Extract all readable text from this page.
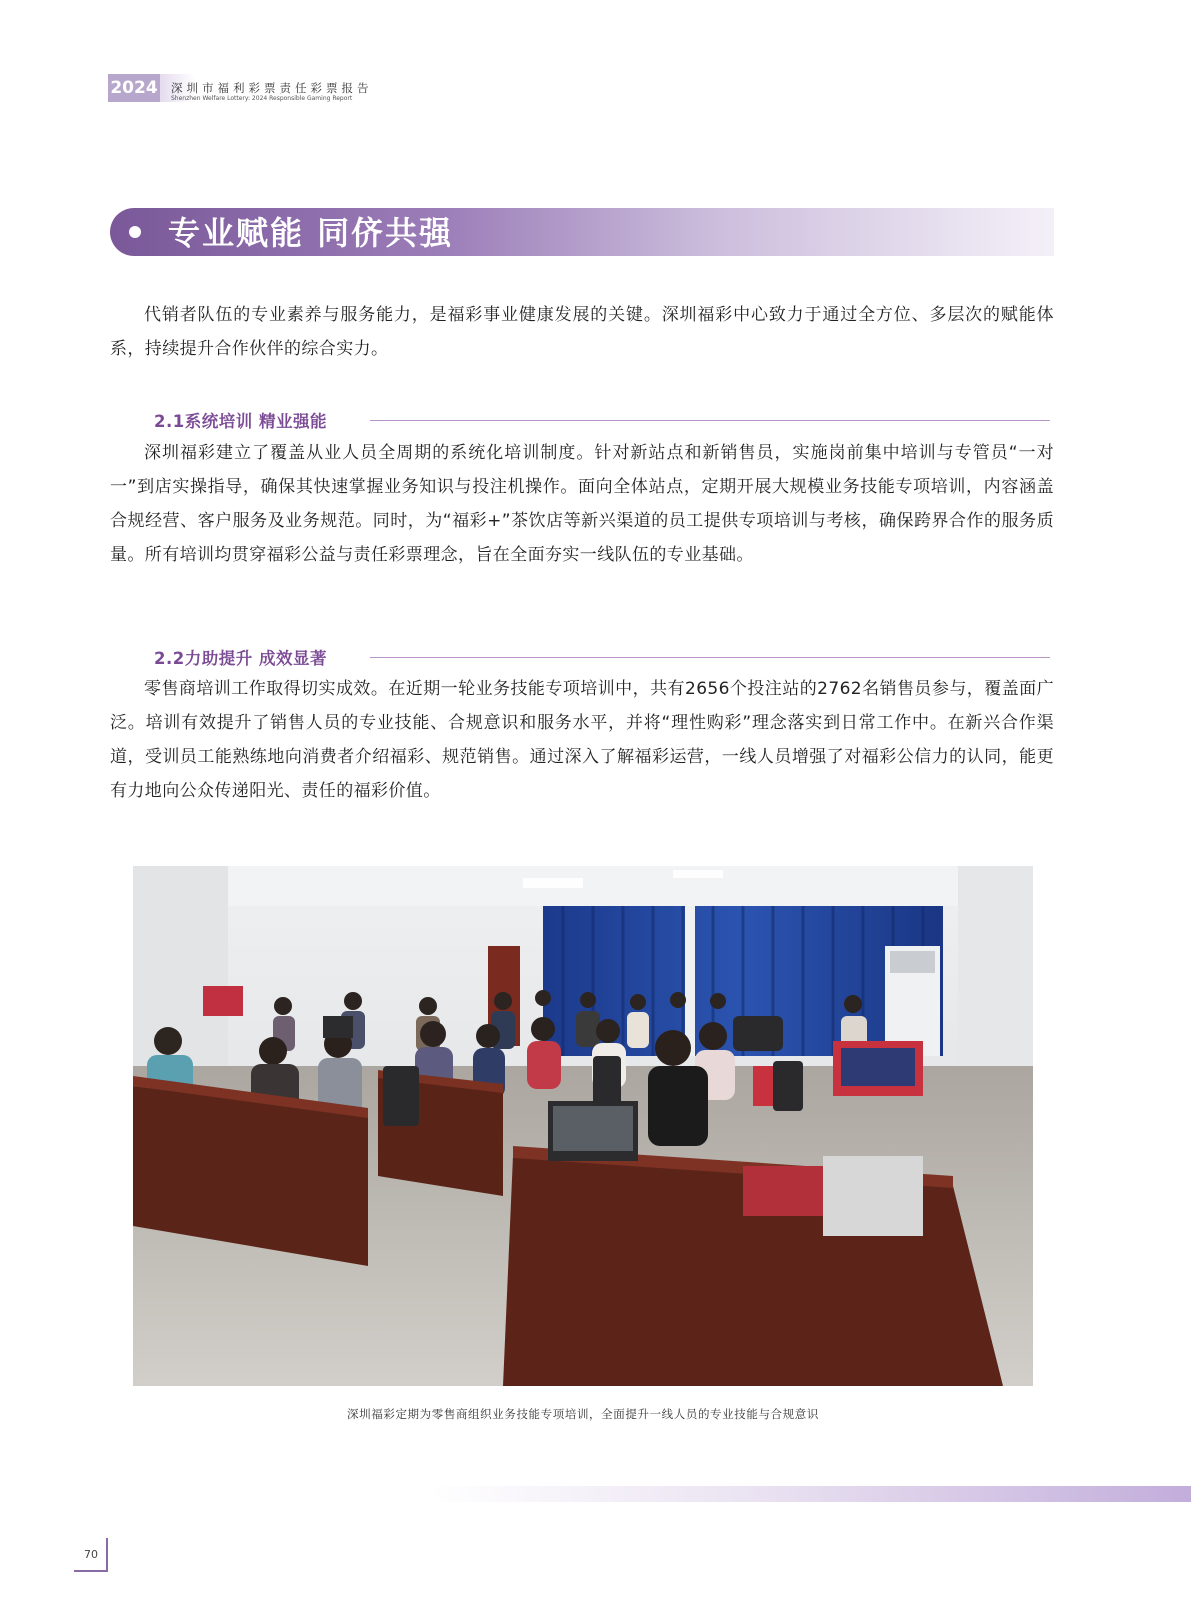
2024 深圳市福利彩票责任彩票报告
Shenzhen Welfare Lottery: 2024 Responsible Gaming Report
专业赋能 同侪共强

代销者队伍的专业素养与服务能力，是福彩事业健康发展的关键。深圳福彩中心致力于通过全方位、多层次的赋能体系，持续提升合作伙伴的综合实力。

2.1系统培训 精业强能

深圳福彩建立了覆盖从业人员全周期的系统化培训制度。针对新站点和新销售员，实施岗前集中培训与专管员“一对一”到店实操指导，确保其快速掌握业务知识与投注机操作。面向全体站点，定期开展大规模业务技能专项培训，内容涵盖合规经营、客户服务及业务规范。同时，为“福彩+”茶饮店等新兴渠道的员工提供专项培训与考核，确保跨界合作的服务质量。所有培训均贯穿福彩公益与责任彩票理念，旨在全面夯实一线队伍的专业基础。

2.2力助提升 成效显著

零售商培训工作取得切实成效。在近期一轮业务技能专项培训中，共有2656个投注站的2762名销售员参与，覆盖面广泛。培训有效提升了销售人员的专业技能、合规意识和服务水平，并将“理性购彩”理念落实到日常工作中。在新兴合作渠道，受训员工能熟练地向消费者介绍福彩、规范销售。通过深入了解福彩运营，一线人员增强了对福彩公信力的认同，能更有力地向公众传递阳光、责任的福彩价值。

深圳福彩定期为零售商组织业务技能专项培训，全面提升一线人员的专业技能与合规意识
70
